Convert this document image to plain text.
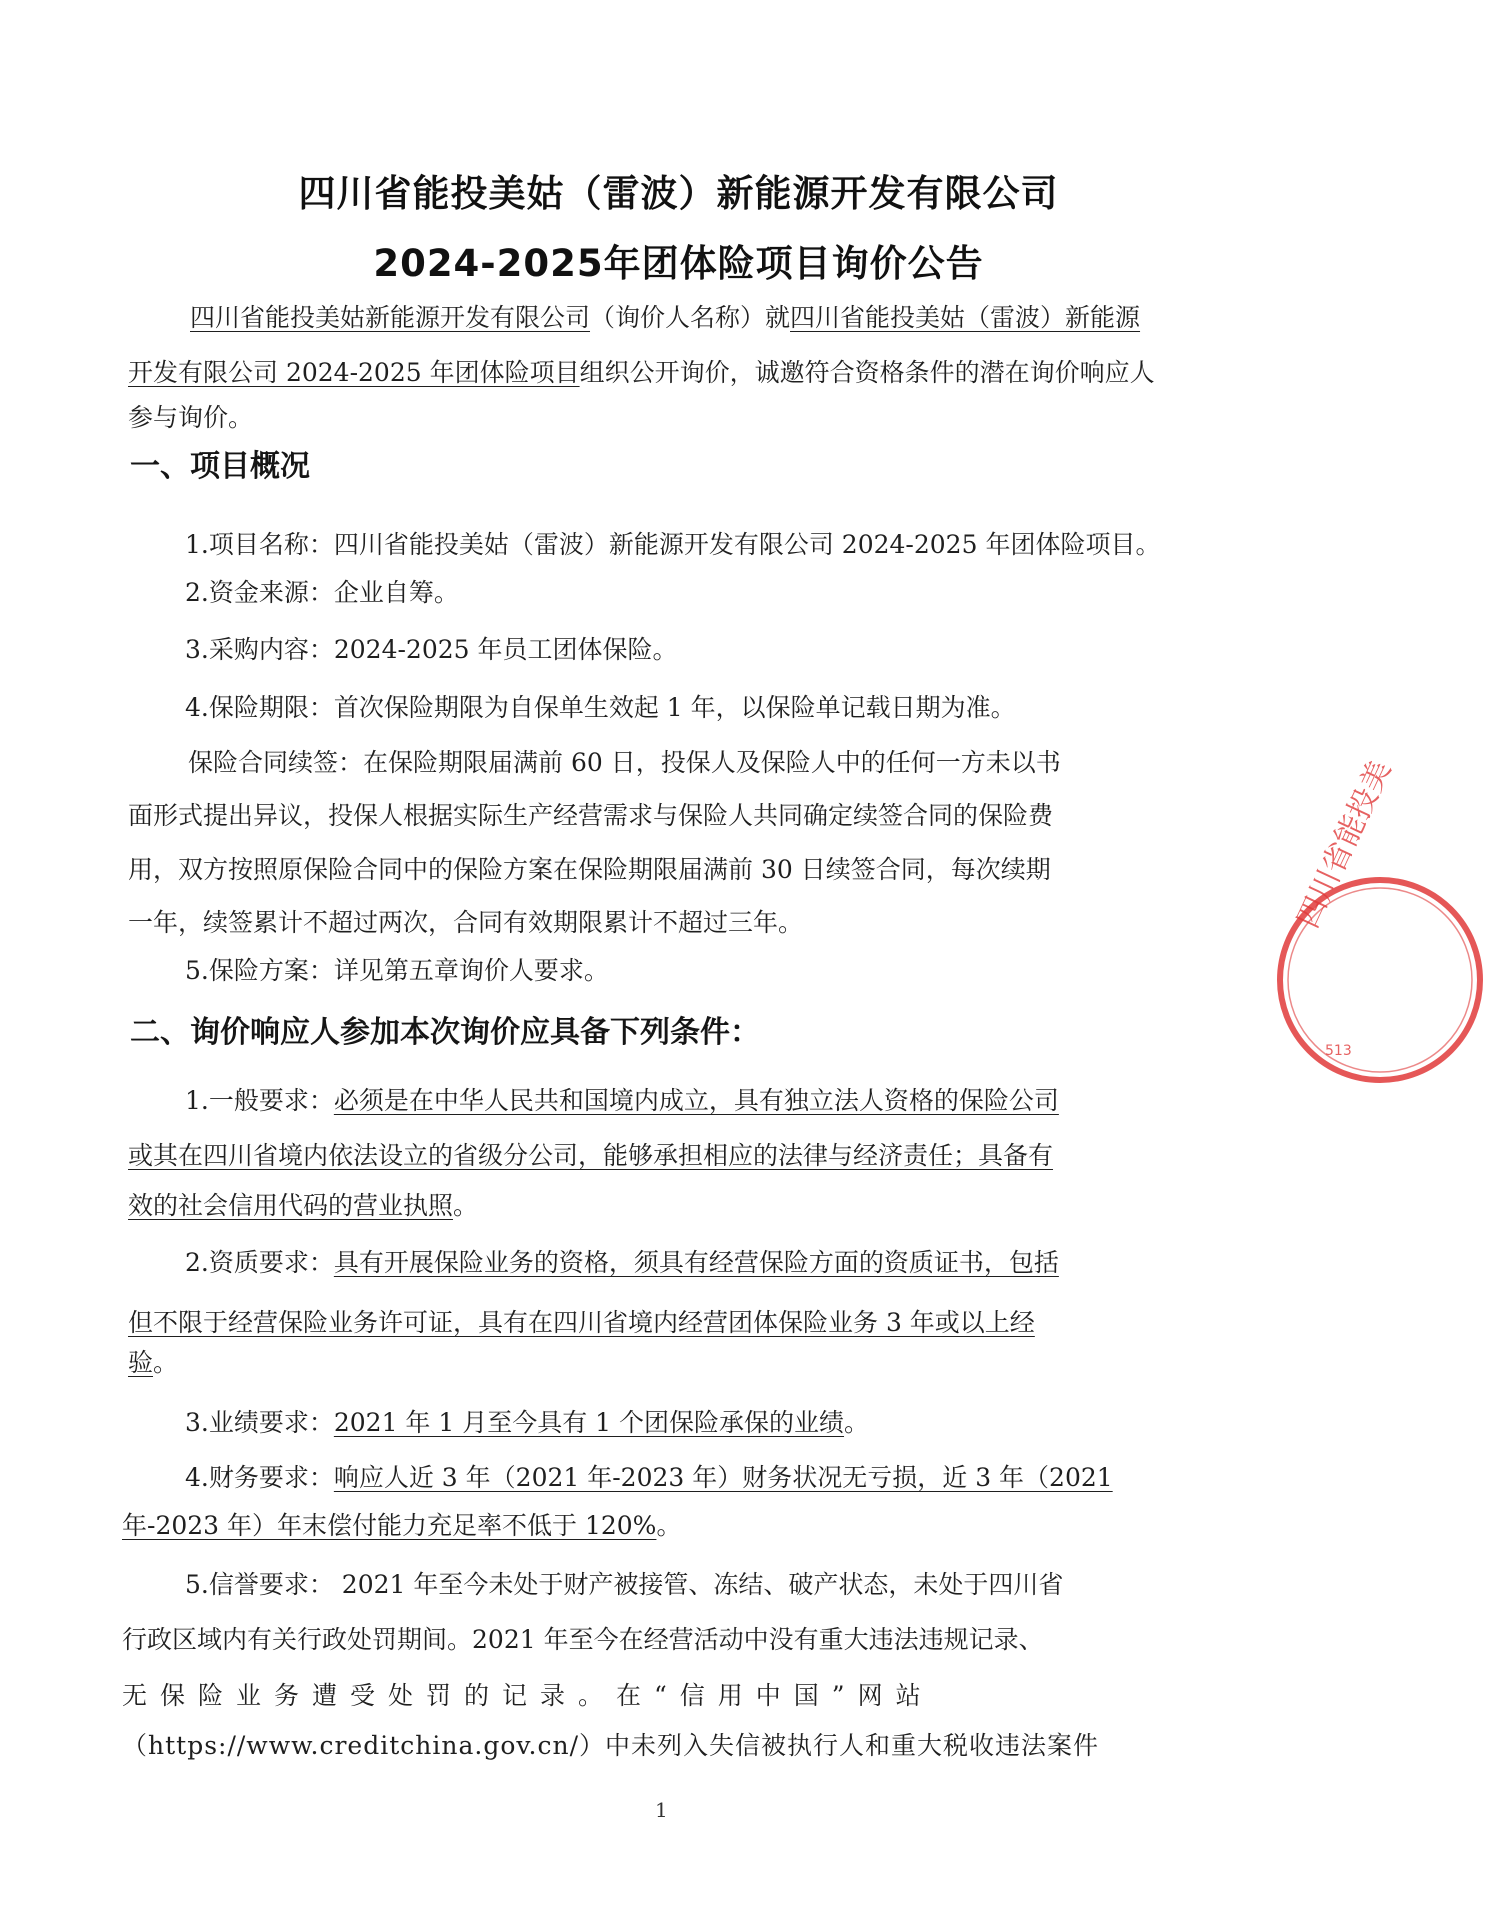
四川省能投美姑（雷波）新能源开发有限公司
2024-2025年团体险项目询价公告
四川省能投美姑新能源开发有限公司（询价人名称）就四川省能投美姑（雷波）新能源
开发有限公司 2024-2025 年团体险项目组织公开询价，诚邀符合资格条件的潜在询价响应人
参与询价。
一、项目概况
1.项目名称：四川省能投美姑（雷波）新能源开发有限公司 2024-2025 年团体险项目。
2.资金来源：企业自筹。
3.采购内容：2024-2025 年员工团体保险。
4.保险期限：首次保险期限为自保单生效起 1 年，以保险单记载日期为准。
保险合同续签：在保险期限届满前 60 日，投保人及保险人中的任何一方未以书
面形式提出异议，投保人根据实际生产经营需求与保险人共同确定续签合同的保险费
用，双方按照原保险合同中的保险方案在保险期限届满前 30 日续签合同，每次续期
一年，续签累计不超过两次，合同有效期限累计不超过三年。
5.保险方案：详见第五章询价人要求。
二、询价响应人参加本次询价应具备下列条件：
1.一般要求：必须是在中华人民共和国境内成立，具有独立法人资格的保险公司
或其在四川省境内依法设立的省级分公司，能够承担相应的法律与经济责任；具备有
效的社会信用代码的营业执照。
2.资质要求：具有开展保险业务的资格，须具有经营保险方面的资质证书，包括
但不限于经营保险业务许可证，具有在四川省境内经营团体保险业务 3 年或以上经
验。
3.业绩要求：2021 年 1 月至今具有 1 个团保险承保的业绩。
4.财务要求：响应人近 3 年（2021 年-2023 年）财务状况无亏损，近 3 年（2021
年-2023 年）年末偿付能力充足率不低于 120%。
5.信誉要求： 2021 年至今未处于财产被接管、冻结、破产状态，未处于四川省
行政区域内有关行政处罚期间。2021 年至今在经营活动中没有重大违法违规记录、
无保险业务遭受处罚的记录。在“信用中国”网站
（https://www.creditchina.gov.cn/）中未列入失信被执行人和重大税收违法案件
1
四川省能投美
513
